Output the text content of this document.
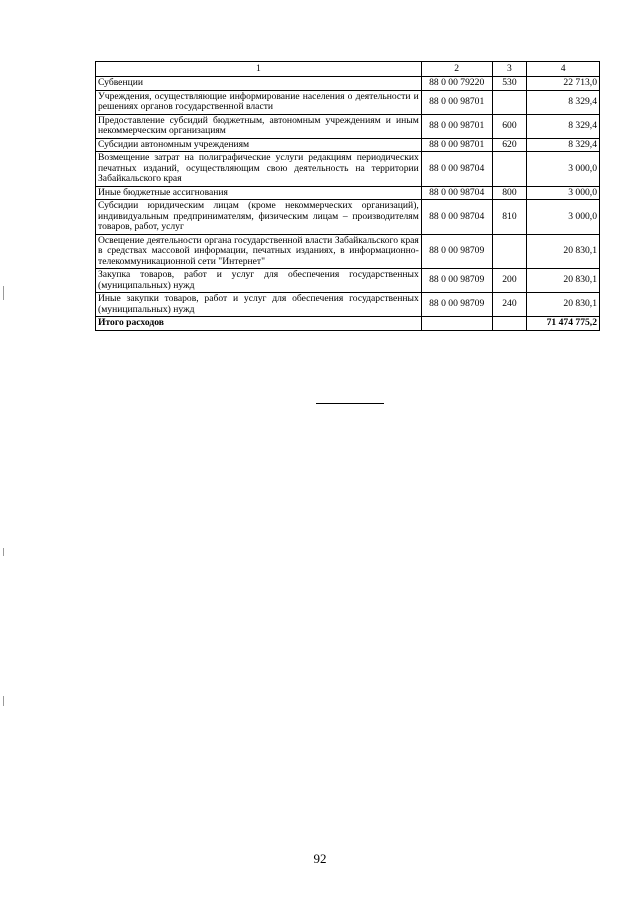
1	2	3	4
Субвенции	88 0 00 79220	530	22 713,0
Учреждения, осуществляющие информирование населения о деятельности и решениях органов государственной власти	88 0 00 98701		8 329,4
Предоставление субсидий бюджетным, автономным учреждениям и иным некоммерческим организациям	88 0 00 98701	600	8 329,4
Субсидии автономным учреждениям	88 0 00 98701	620	8 329,4
Возмещение затрат на полиграфические услуги редакциям периодических печатных изданий, осуществляющим свою деятельность на территории Забайкальского края	88 0 00 98704		3 000,0
Иные бюджетные ассигнования	88 0 00 98704	800	3 000,0
Субсидии юридическим лицам (кроме некоммерческих организаций), индивидуальным предпринимателям, физическим лицам – производителям товаров, работ, услуг	88 0 00 98704	810	3 000,0
Освещение деятельности органа государственной власти Забайкальского края в средствах массовой информации, печатных изданиях, в информационно-телекоммуникационной сети "Интернет"	88 0 00 98709		20 830,1
Закупка товаров, работ и услуг для обеспечения государственных (муниципальных) нужд	88 0 00 98709	200	20 830,1
Иные закупки товаров, работ и услуг для обеспечения государственных (муниципальных) нужд	88 0 00 98709	240	20 830,1
Итого расходов			71 474 775,2
92
